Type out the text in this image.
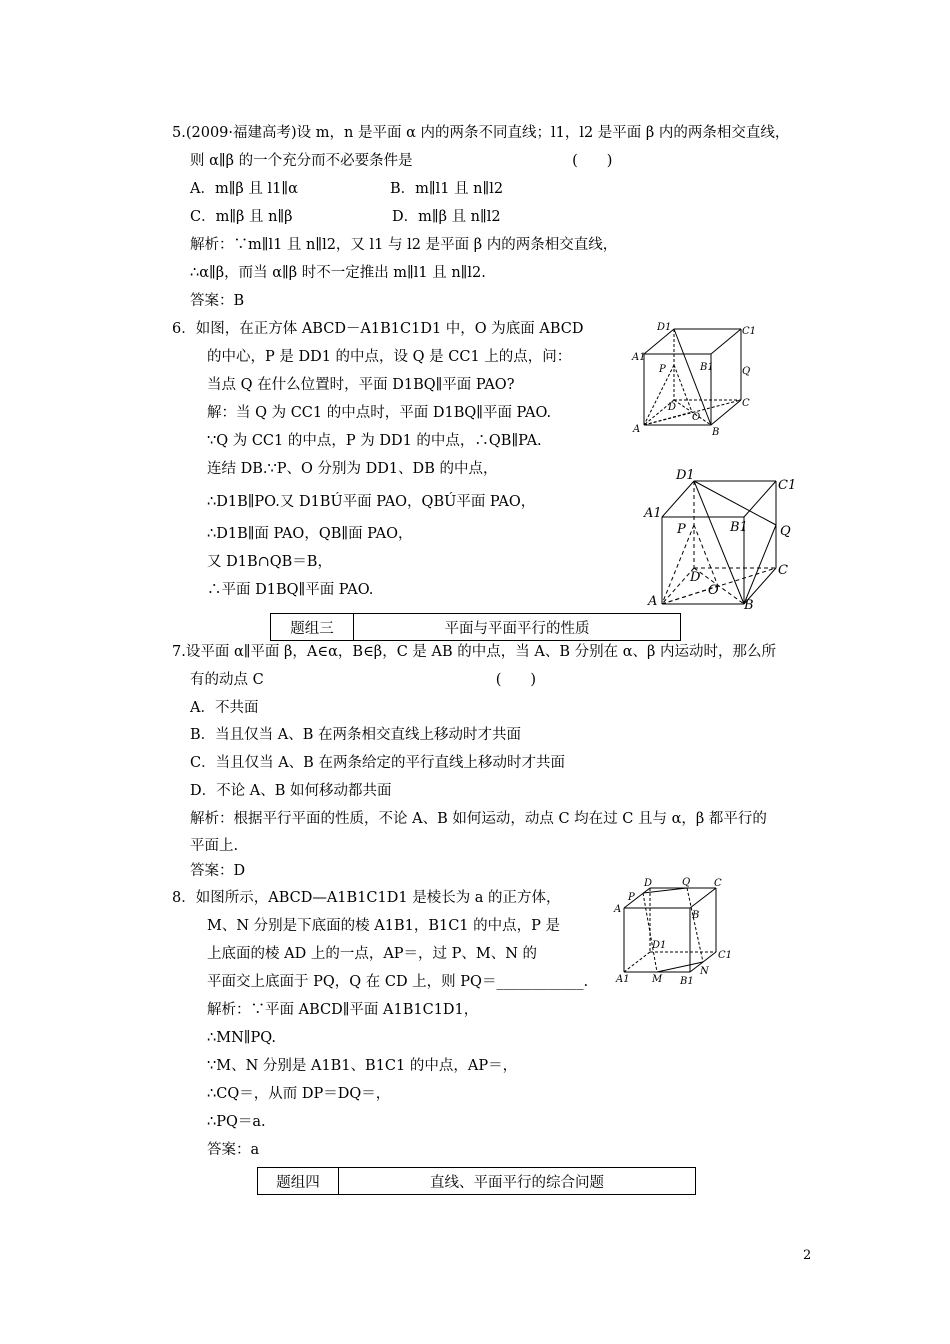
5.(2009·福建高考)设 m，n 是平面 α 内的两条不同直线；l1，l2 是平面 β 内的两条相交直线，
则 α∥β 的一个充分而不必要条件是　　　　　　　　　　　(　　)
A．m∥β 且 l1∥α	B．m∥l1 且 n∥l2
C．m∥β 且 n∥β	D．m∥β 且 n∥l2
解析：∵m∥l1 且 n∥l2，又 l1 与 l2 是平面 β 内的两条相交直线，
∴α∥β，而当 α∥β 时不一定推出 m∥l1 且 n∥l2.
答案：B
6．如图，在正方体 ABCD－A1B1C1D1 中，O 为底面 ABCD
的中心，P 是 DD1 的中点，设 Q 是 CC1 上的点，问：
当点 Q 在什么位置时，平面 D1BQ∥平面 PAO?
解：当 Q 为 CC1 的中点时，平面 D1BQ∥平面 PAO.
∵Q 为 CC1 的中点，P 为 DD1 的中点，∴QB∥PA.
连结 DB.∵P、O 分别为 DD1、DB 的中点，
∴D1B∥PO.又 D1BÚ平面 PAO，QBÚ平面 PAO，
∴D1B∥面 PAO，QB∥面 PAO，
又 D1B∩QB＝B，
∴平面 D1BQ∥平面 PAO.
D1	C1
A1
B1
P	Q
D	C
O
A	B
D1
C1
A1
B1
P	Q
D	C
O
A	B
题组三	平面与平面平行的性质
7.设平面 α∥平面 β，A∈α，B∈β，C 是 AB 的中点，当 A、B 分别在 α、β 内运动时，那么所
有的动点 C　　　　　　　　　　　　　　　　(　　)
A．不共面
B．当且仅当 A、B 在两条相交直线上移动时才共面
C．当且仅当 A、B 在两条给定的平行直线上移动时才共面
D．不论 A、B 如何移动都共面
解析：根据平行平面的性质，不论 A、B 如何运动，动点 C 均在过 C 且与 α，β 都平行的
平面上.
答案：D
8．如图所示，ABCD—A1B1C1D1 是棱长为 a 的正方体，
M、N 分别是下底面的棱 A1B1，B1C1 的中点，P 是
上底面的棱 AD 上的一点，AP＝，过 P、M、N 的
平面交上底面于 PQ，Q 在 CD 上，则 PQ＝____________.
解析：∵平面 ABCD∥平面 A1B1C1D1，
∴MN∥PQ.
∵M、N 分别是 A1B1、B1C1 的中点，AP＝，
∴CQ＝，从而 DP＝DQ＝，
∴PQ＝a.
答案：a
P
D	Q C
A
B
D1
C1
A1 M B1
N
题组四	直线、平面平行的综合问题
2
